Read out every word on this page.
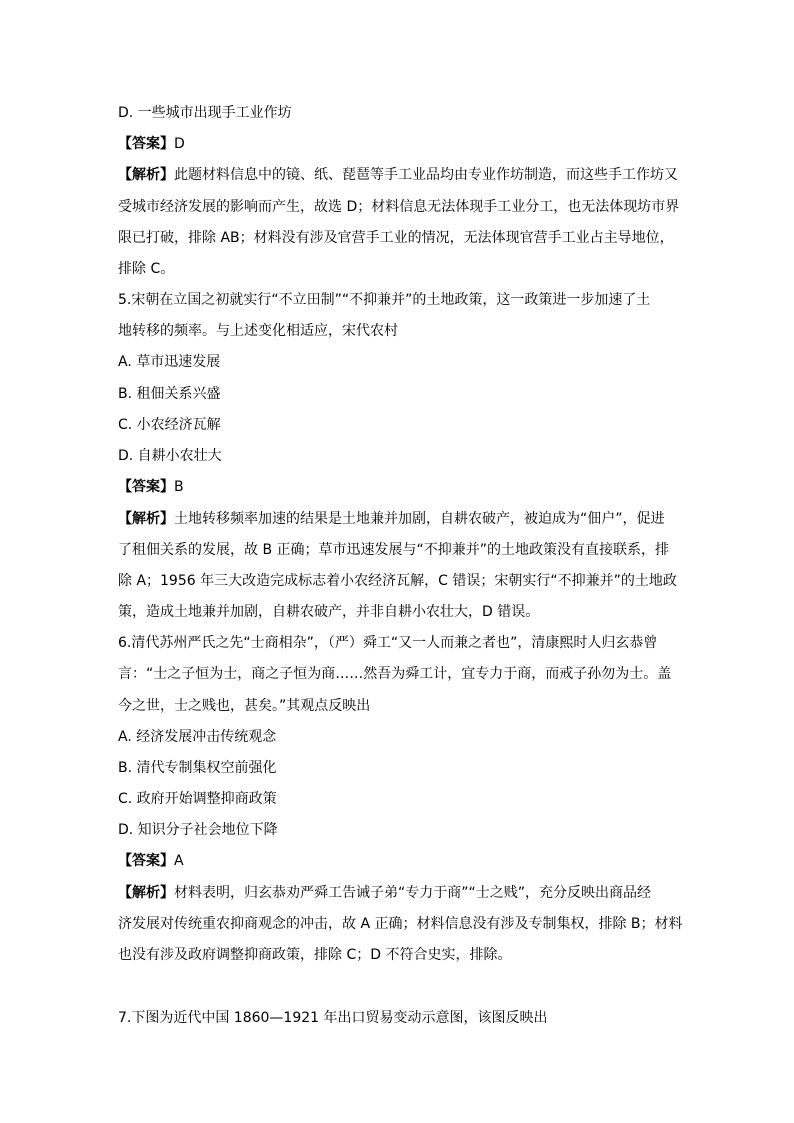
D. 一些城市出现手工业作坊
【答案】D
【解析】此题材料信息中的镜、纸、琵琶等手工业品均由专业作坊制造，而这些手工作坊又
受城市经济发展的影响而产生，故选 D；材料信息无法体现手工业分工，也无法体现坊市界
限已打破，排除 AB；材料没有涉及官营手工业的情况，无法体现官营手工业占主导地位，
排除 C。
5.宋朝在立国之初就实行“不立田制”“不抑兼并”的土地政策，这一政策进一步加速了土
地转移的频率。与上述变化相适应，宋代农村
A. 草市迅速发展
B. 租佃关系兴盛
C. 小农经济瓦解
D. 自耕小农壮大
【答案】B
【解析】土地转移频率加速的结果是土地兼并加剧，自耕农破产，被迫成为“佃户”，促进
了租佃关系的发展，故 B 正确；草市迅速发展与“不抑兼并”的土地政策没有直接联系，排
除 A；1956 年三大改造完成标志着小农经济瓦解，C 错误；宋朝实行“不抑兼并”的土地政
策，造成土地兼并加剧，自耕农破产，并非自耕小农壮大，D 错误。
6.清代苏州严氏之先“士商相杂”，（严）舜工“又一人而兼之者也”，清康熙时人归玄恭曾
言：“士之子恒为士，商之子恒为商……然吾为舜工计，宜专力于商，而戒子孙勿为士。盖
今之世，士之贱也，甚矣。”其观点反映出
A. 经济发展冲击传统观念
B. 清代专制集权空前强化
C. 政府开始调整抑商政策
D. 知识分子社会地位下降
【答案】A
【解析】材料表明，归玄恭劝严舜工告诫子弟“专力于商”“士之贱”，充分反映出商品经
济发展对传统重农抑商观念的冲击，故 A 正确；材料信息没有涉及专制集权，排除 B；材料
也没有涉及政府调整抑商政策，排除 C；D 不符合史实，排除。
7.下图为近代中国 1860—1921 年出口贸易变动示意图，该图反映出
